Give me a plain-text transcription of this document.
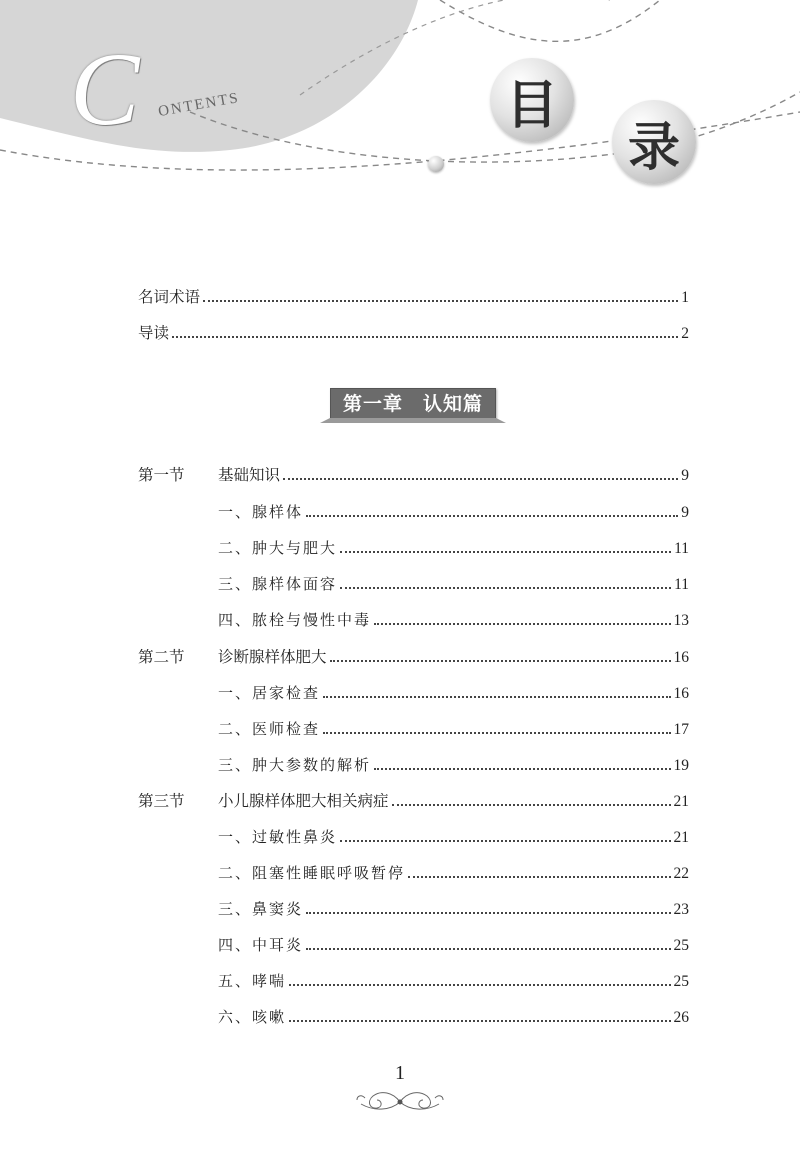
C ONTENTS	目
录
名词术语	1
导读	2
第一章　认知篇
第一节	基础知识	9
一、腺样体	9
二、肿大与肥大	11
三、腺样体面容	11
四、脓栓与慢性中毒	13
第二节	诊断腺样体肥大	16
一、居家检查	16
二、医师检查	17
三、肿大参数的解析	19
第三节	小儿腺样体肥大相关病症	21
一、过敏性鼻炎	21
二、阻塞性睡眠呼吸暂停	22
三、鼻窦炎	23
四、中耳炎	25
五、哮喘	25
六、咳嗽	26
1
